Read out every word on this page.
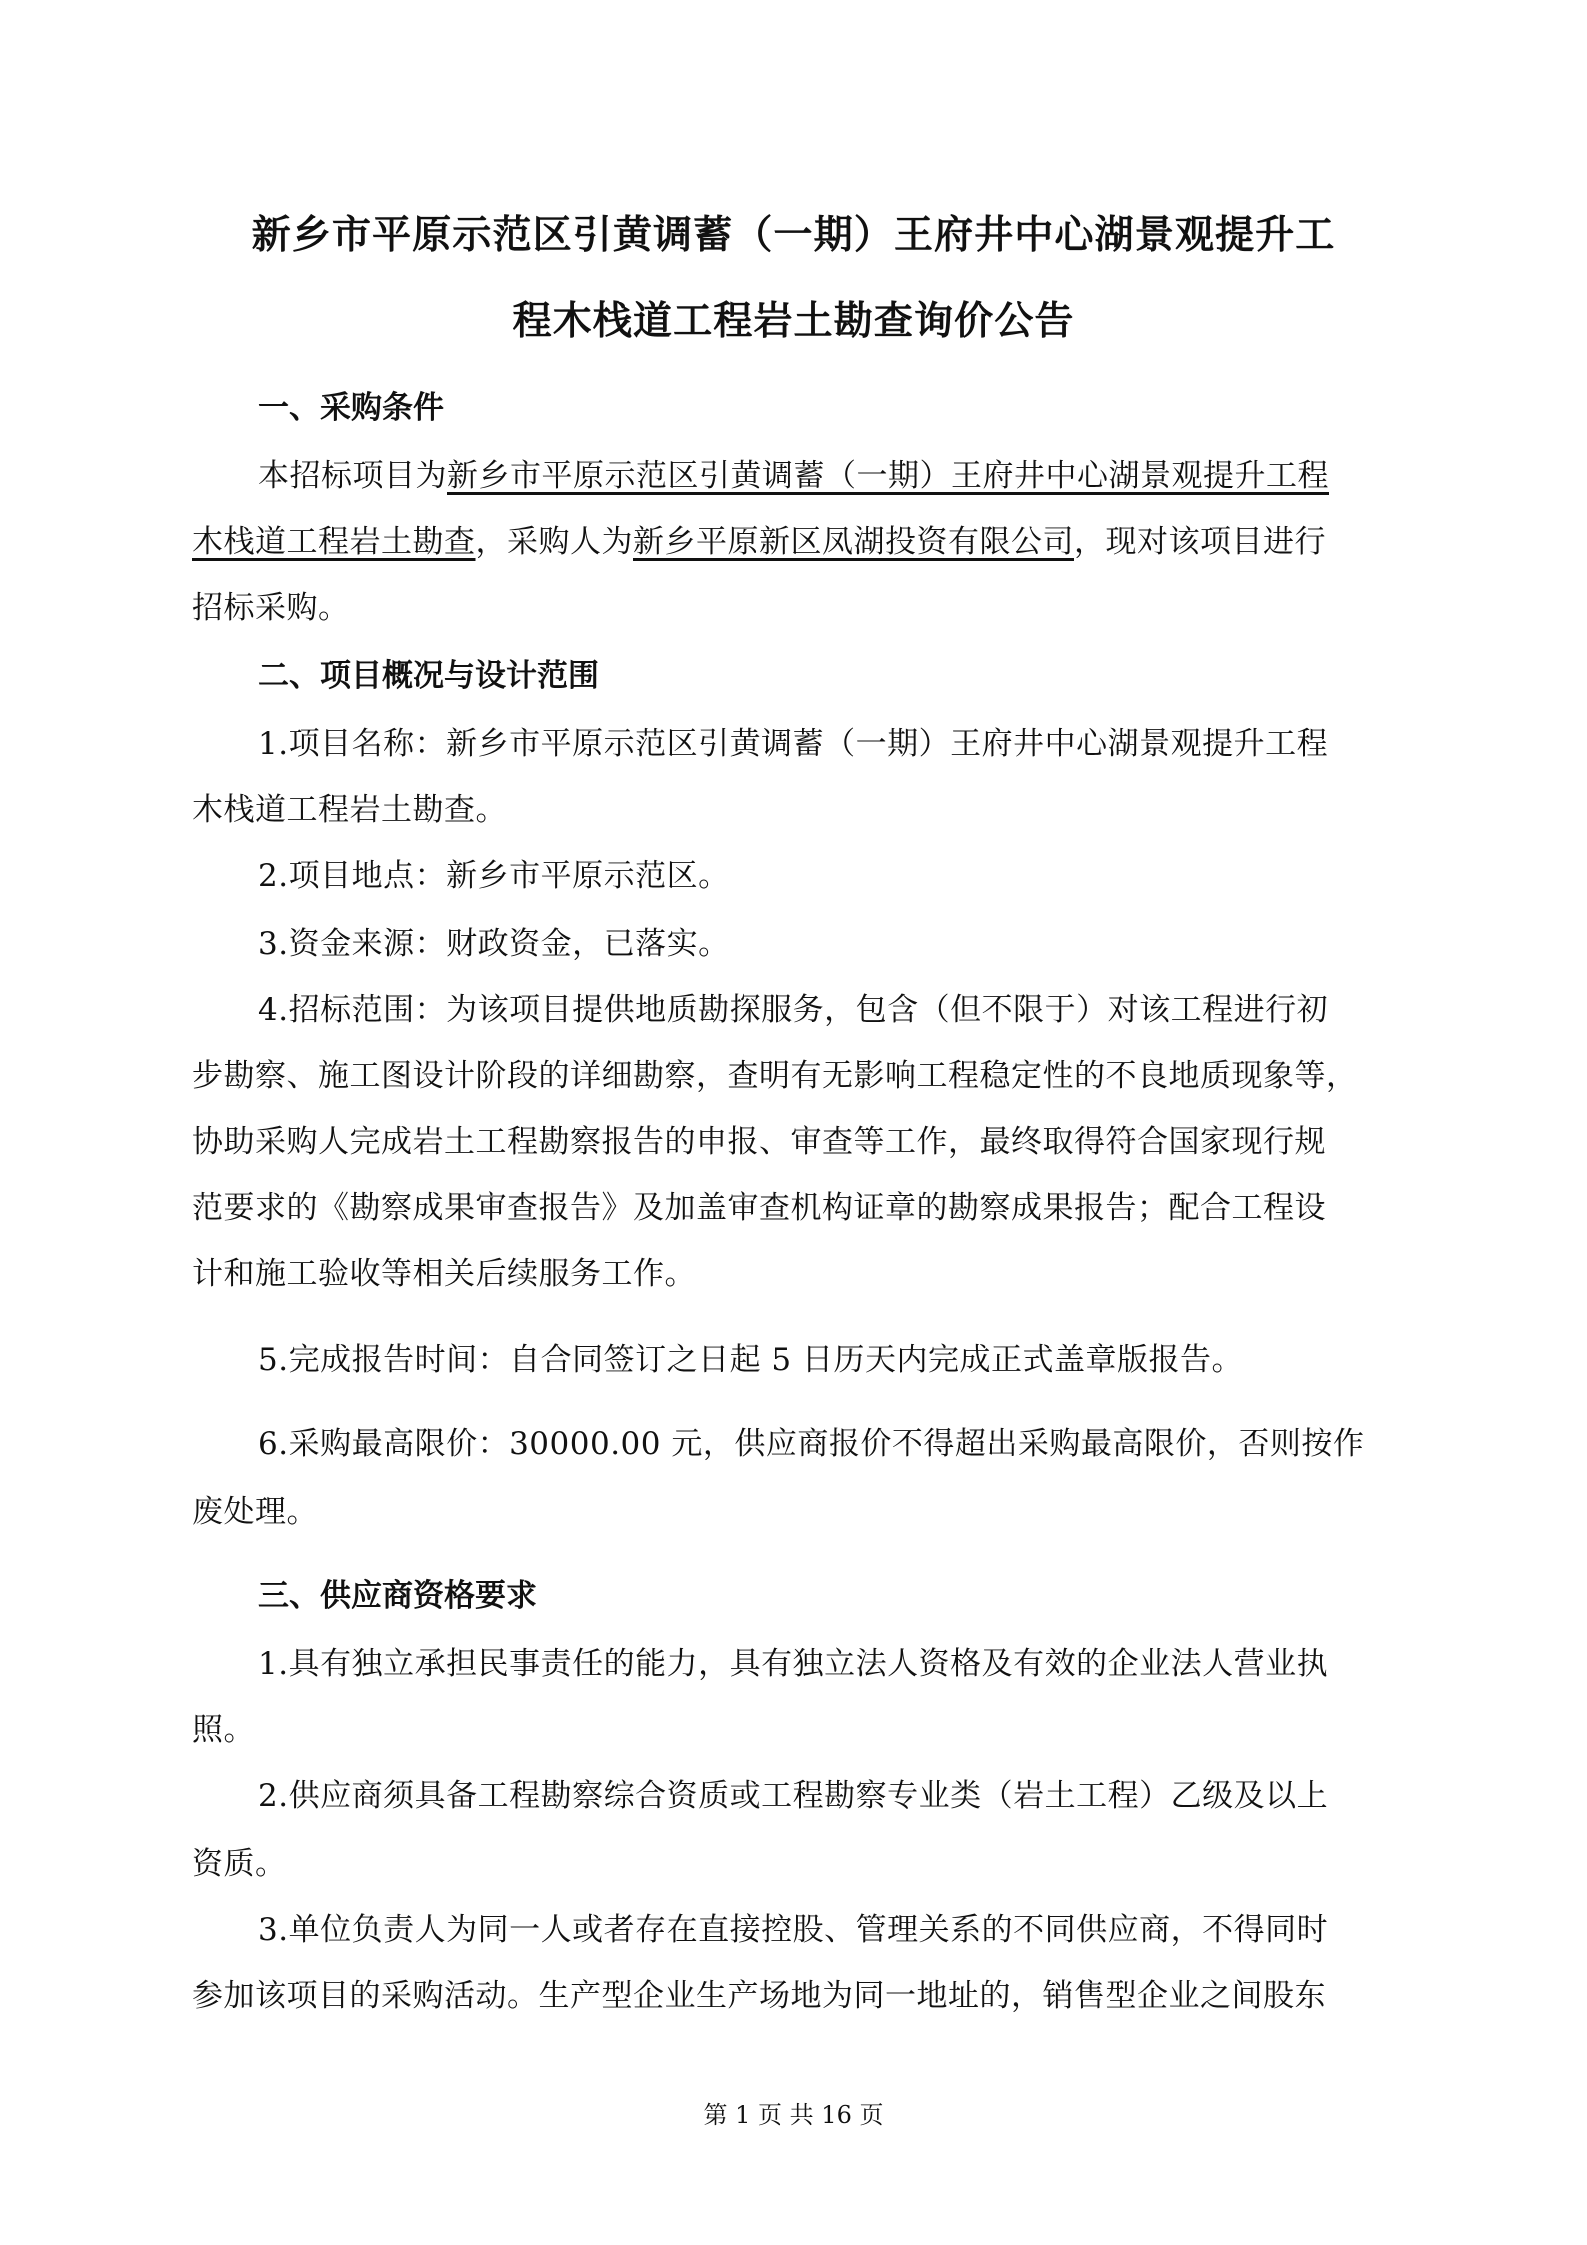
新乡市平原示范区引黄调蓄（一期）王府井中心湖景观提升工
程木栈道工程岩土勘查询价公告
一、采购条件
本招标项目为新乡市平原示范区引黄调蓄（一期）王府井中心湖景观提升工程
木栈道工程岩土勘查，采购人为新乡平原新区凤湖投资有限公司，现对该项目进行
招标采购。
二、项目概况与设计范围
1.项目名称：新乡市平原示范区引黄调蓄（一期）王府井中心湖景观提升工程
木栈道工程岩土勘查。
2.项目地点：新乡市平原示范区。
3.资金来源：财政资金，已落实。
4.招标范围：为该项目提供地质勘探服务，包含（但不限于）对该工程进行初
步勘察、施工图设计阶段的详细勘察，查明有无影响工程稳定性的不良地质现象等，
协助采购人完成岩土工程勘察报告的申报、审查等工作，最终取得符合国家现行规
范要求的《勘察成果审查报告》及加盖审查机构证章的勘察成果报告；配合工程设
计和施工验收等相关后续服务工作。
5.完成报告时间：自合同签订之日起 5 日历天内完成正式盖章版报告。
6.采购最高限价：30000.00 元，供应商报价不得超出采购最高限价，否则按作
废处理。
三、供应商资格要求
1.具有独立承担民事责任的能力，具有独立法人资格及有效的企业法人营业执
照。
2.供应商须具备工程勘察综合资质或工程勘察专业类（岩土工程）乙级及以上
资质。
3.单位负责人为同一人或者存在直接控股、管理关系的不同供应商，不得同时
参加该项目的采购活动。生产型企业生产场地为同一地址的，销售型企业之间股东
第 1 页 共 16 页
